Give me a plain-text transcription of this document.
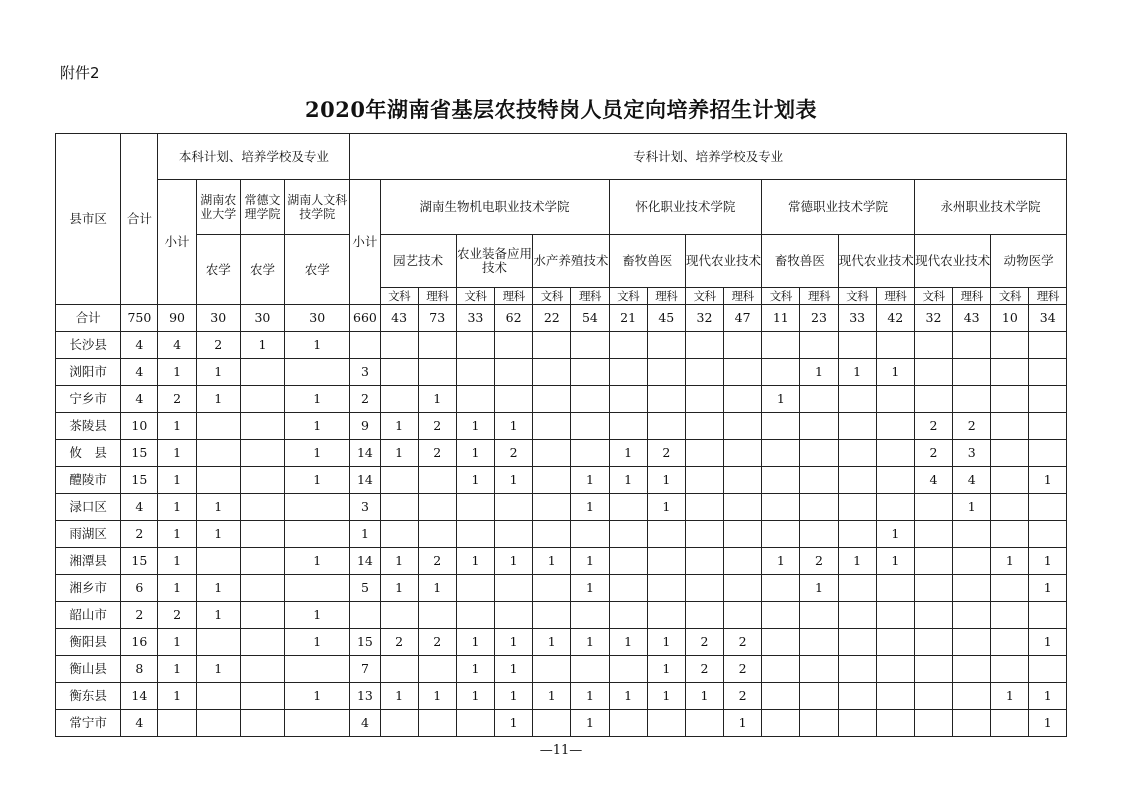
附件2
2020年湖南省基层农技特岗人员定向培养招生计划表
县市区	合计	本科计划、培养学校及专业				专科计划、培养学校及专业																		
		小计	湖南农业大学	常德文理学院	湖南人文科技学院	小计	湖南生物机电职业技术学院						怀化职业技术学院				常德职业技术学院				永州职业技术学院			
			农学	农学	农学		园艺技术		农业装备应用技术		水产养殖技术		畜牧兽医		现代农业技术		畜牧兽医		现代农业技术		现代农业技术		动物医学	
							文科	理科	文科	理科	文科	理科	文科	理科	文科	理科	文科	理科	文科	理科	文科	理科	文科	理科
合计	750	90	30	30	30	660	43	73	33	62	22	54	21	45	32	47	11	23	33	42	32	43	10	34
长沙县	4	4	2	1	1																			
浏阳市	4	1	1			3												1	1	1				
宁乡市	4	2	1		1	2		1									1							
茶陵县	10	1			1	9	1	2	1	1											2	2		
攸　县	15	1			1	14	1	2	1	2			1	2							2	3		
醴陵市	15	1			1	14			1	1		1	1	1							4	4		1
渌口区	4	1	1			3						1		1								1		
雨湖区	2	1	1			1														1				
湘潭县	15	1			1	14	1	2	1	1	1	1					1	2	1	1			1	1
湘乡市	6	1	1			5	1	1				1						1						1
韶山市	2	2	1		1																			
衡阳县	16	1			1	15	2	2	1	1	1	1	1	1	2	2								1
衡山县	8	1	1			7			1	1				1	2	2								
衡东县	14	1			1	13	1	1	1	1	1	1	1	1	1	2							1	1
常宁市	4					4				1		1				1								1
—11—
